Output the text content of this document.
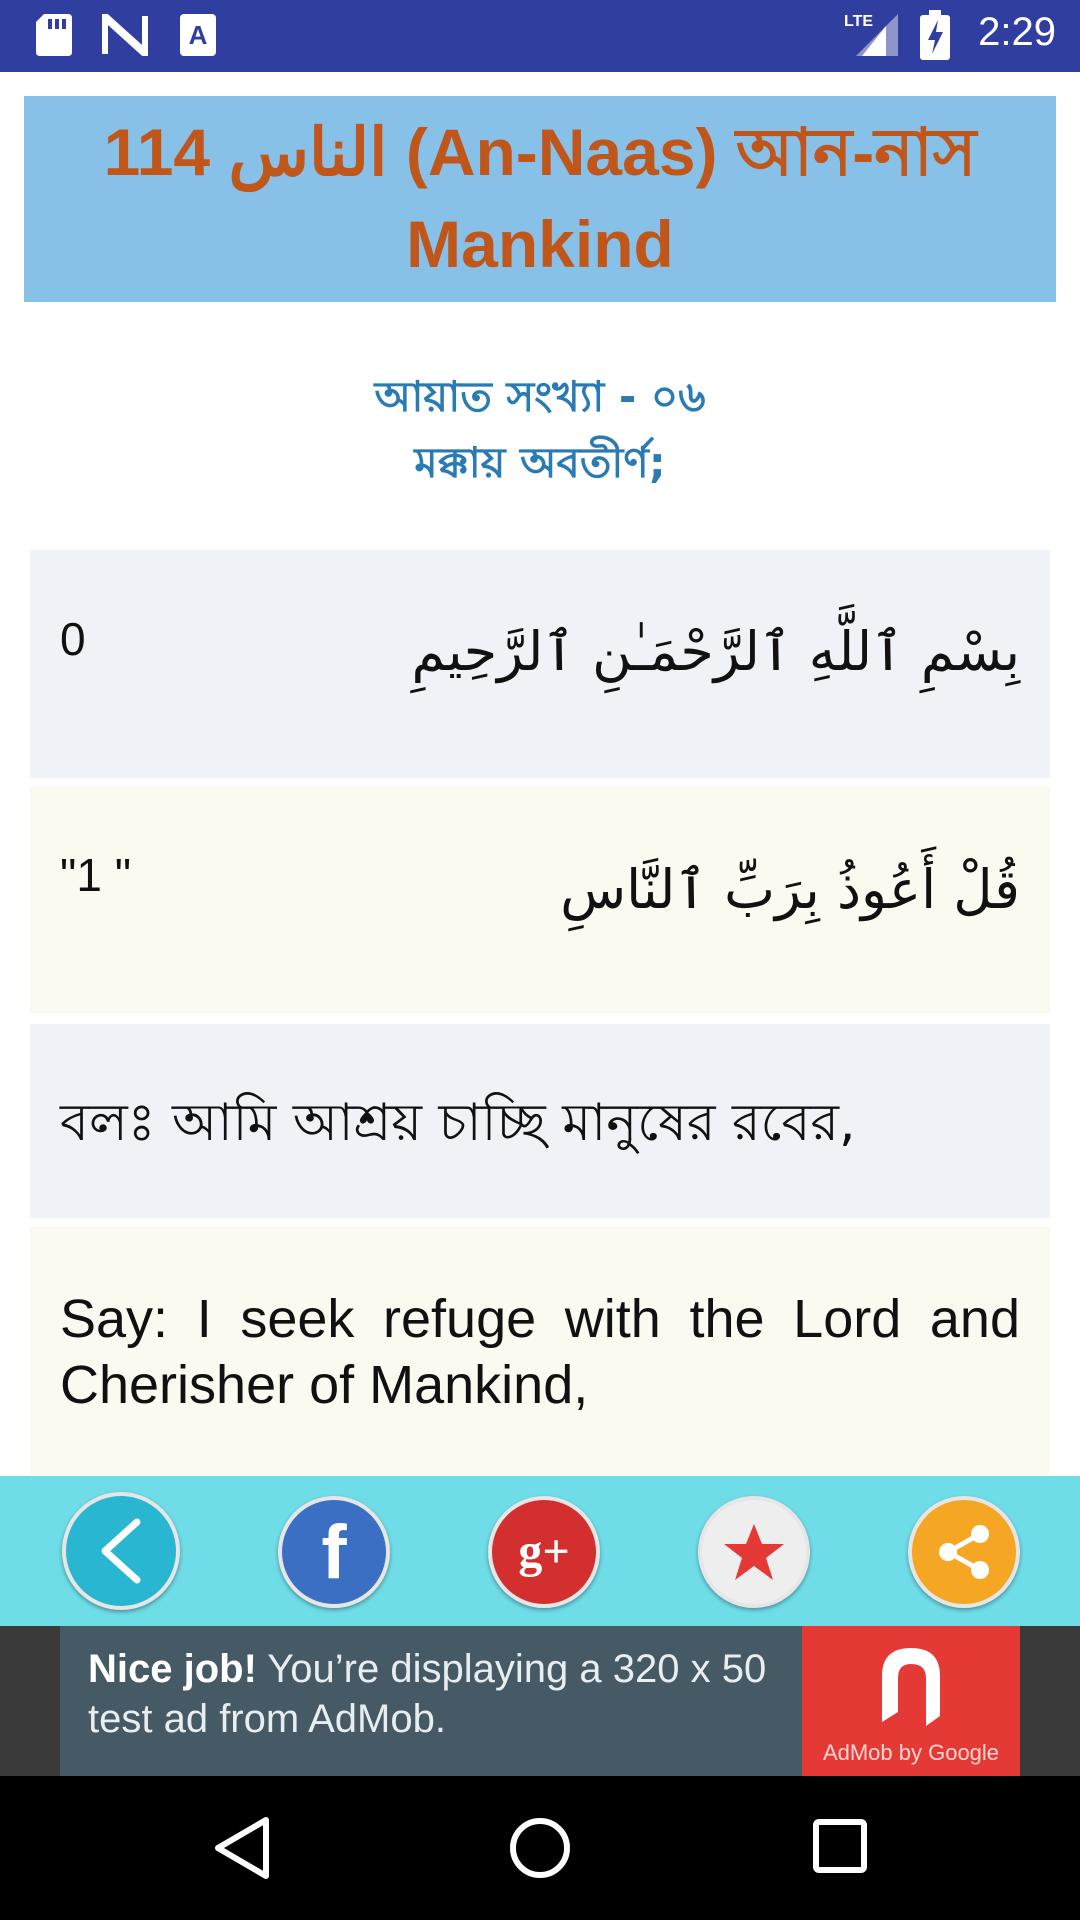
A	LTE	2:29
114 الناس (An-Naas) আন-নাস
Mankind
আয়াত সংখ্যা - ০৬
মক্কায় অবতীর্ণ;
0	بِسْمِ ٱللَّهِ ٱلرَّحْمَـٰنِ ٱلرَّحِيمِ
"1 "	قُلْ أَعُوذُ بِرَبِّ ٱلنَّاسِ
বলঃ আমি আশ্রয় চাচ্ছি মানুষের রবের,
Say: I seek refuge with the Lord and Cherisher of Mankind,
f	g+
Nice job! You’re displaying a 320 x 50 test ad from AdMob.
AdMob by Google
